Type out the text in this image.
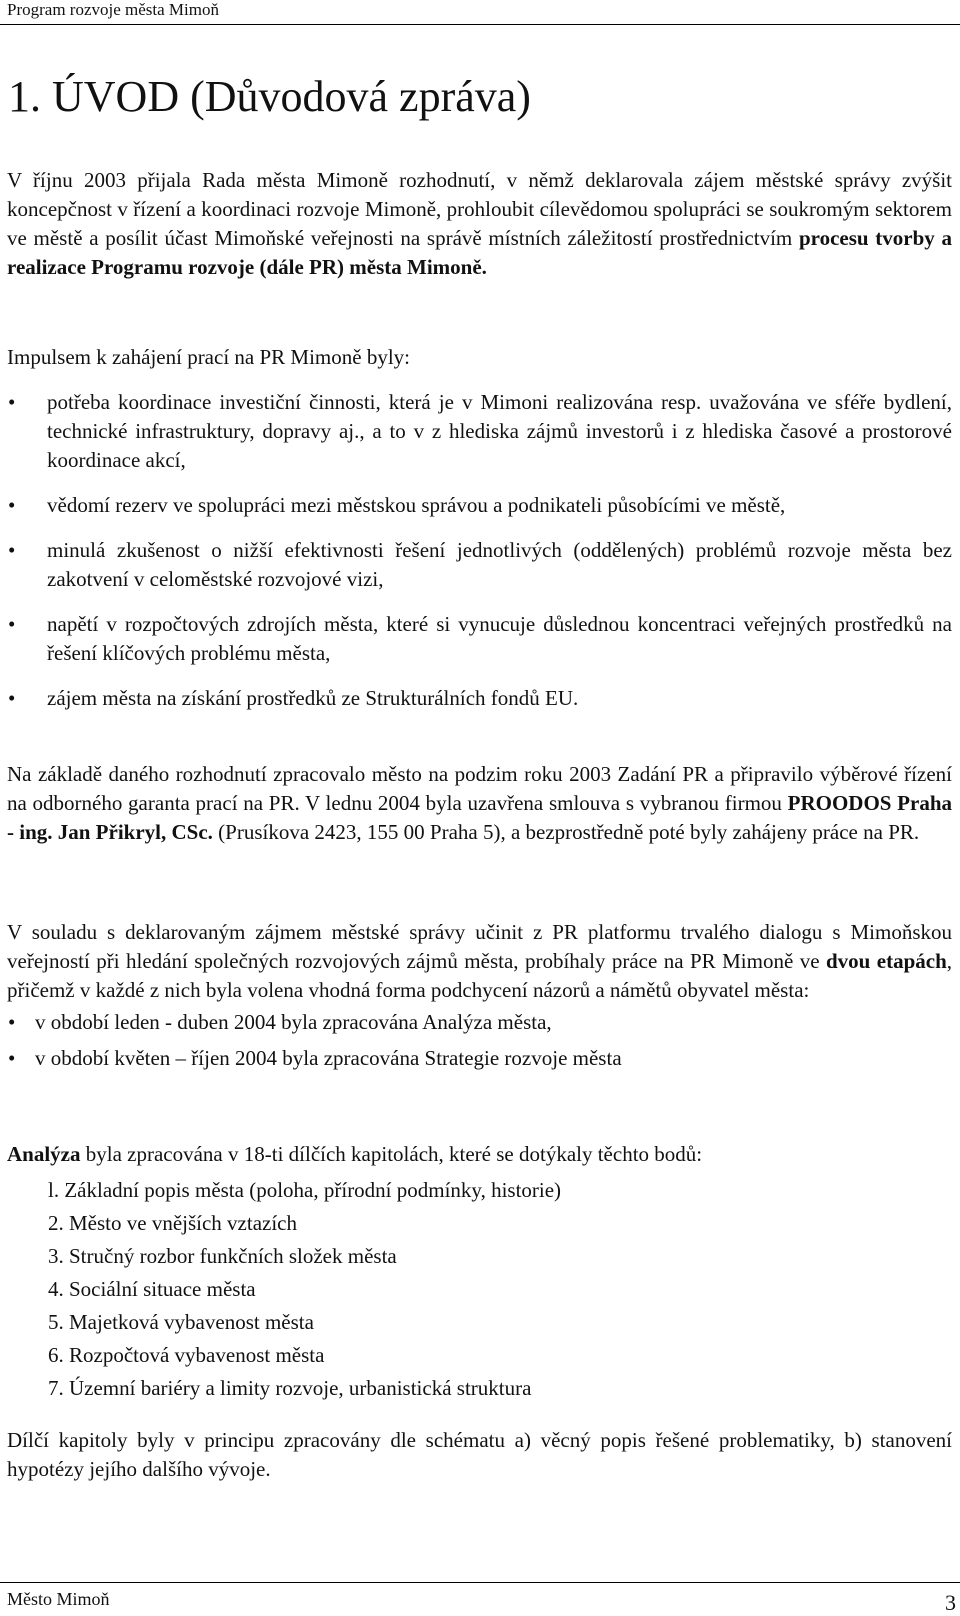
Program rozvoje města Mimoň
1. ÚVOD (Důvodová zpráva)

V říjnu 2003 přijala Rada města Mimoně rozhodnutí, v němž deklarovala zájem městské správy zvýšit koncepčnost v řízení a koordinaci rozvoje Mimoně, prohloubit cílevědomou spolupráci se soukromým sektorem ve městě a posílit účast Mimoňské veřejnosti na správě místních záležitostí prostřednictvím procesu tvorby a realizace Programu rozvoje (dále PR) města Mimoně.

Impulsem k zahájení prací na PR Mimoně byly:

• potřeba koordinace investiční činnosti, která je v Mimoni realizována resp. uvažována ve sféře bydlení, technické infrastruktury, dopravy aj., a to v z hlediska zájmů investorů i z hlediska časové a prostorové koordinace akcí,
• vědomí rezerv ve spolupráci mezi městskou správou a podnikateli působícími ve městě,
• minulá zkušenost o nižší efektivnosti řešení jednotlivých (oddělených) problémů rozvoje města bez zakotvení v celoměstské rozvojové vizi,
• napětí v rozpočtových zdrojích města, které si vynucuje důslednou koncentraci veřejných prostředků na řešení klíčových problému města,
• zájem města na získání prostředků ze Strukturálních fondů EU.

Na základě daného rozhodnutí zpracovalo město na podzim roku 2003 Zadání PR a připravilo výběrové řízení na odborného garanta prací na PR. V lednu 2004 byla uzavřena smlouva s vybranou firmou PROODOS Praha - ing. Jan Přikryl, CSc. (Prusíkova 2423, 155 00 Praha 5), a bezprostředně poté byly zahájeny práce na PR.

V souladu s deklarovaným zájmem městské správy učinit z PR platformu trvalého dialogu s Mimoňskou veřejností při hledání společných rozvojových zájmů města, probíhaly práce na PR Mimoně ve dvou etapách, přičemž v každé z nich byla volena vhodná forma podchycení názorů a námětů obyvatel města:

• v období leden - duben 2004 byla zpracována Analýza města,
• v období květen – říjen 2004 byla zpracována Strategie rozvoje města

Analýza byla zpracována v 18-ti dílčích kapitolách, které se dotýkaly těchto bodů:

l. Základní popis města (poloha, přírodní podmínky, historie)
2. Město ve vnějších vztazích
3. Stručný rozbor funkčních složek města
4. Sociální situace města
5. Majetková vybavenost města
6. Rozpočtová vybavenost města
7. Územní bariéry a limity rozvoje, urbanistická struktura

Dílčí kapitoly byly v principu zpracovány dle schématu a) věcný popis řešené problematiky, b) stanovení hypotézy jejího dalšího vývoje.

Město Mimoň	3
